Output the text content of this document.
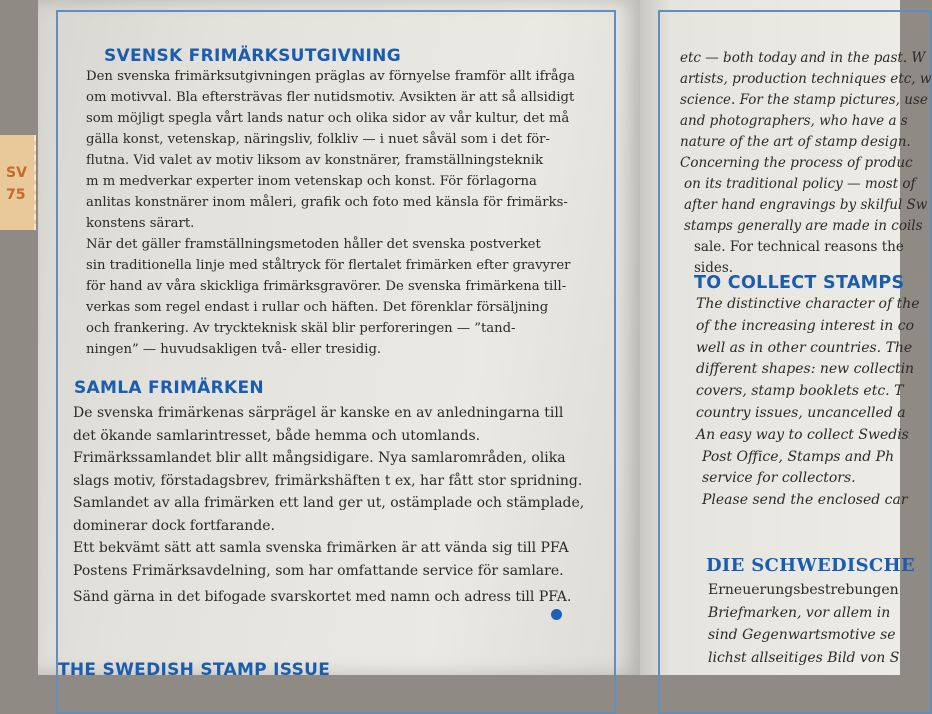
SV
75
SVENSK FRIMÄRKSUTGIVNING
Den svenska frimärksutgivningen präglas av förnyelse framför allt ifråga
om motivval. Bla eftersträvas fler nutidsmotiv. Avsikten är att så allsidigt
som möjligt spegla vårt lands natur och olika sidor av vår kultur, det må
gälla konst, vetenskap, näringsliv, folkliv — i nuet såväl som i det för-
flutna. Vid valet av motiv liksom av konstnärer, framställningsteknik
m m medverkar experter inom vetenskap och konst. För förlagorna
anlitas konstnärer inom måleri, grafik och foto med känsla för frimärks-
konstens särart.
När det gäller framställningsmetoden håller det svenska postverket
sin traditionella linje med ståltryck för flertalet frimärken efter gravyrer
för hand av våra skickliga frimärksgravörer. De svenska frimärkena till-
verkas som regel endast i rullar och häften. Det förenklar försäljning
och frankering. Av tryckteknisk skäl blir perforeringen — ”tand-
ningen” — huvudsakligen två- eller tresidig.
SAMLA FRIMÄRKEN
De svenska frimärkenas särprägel är kanske en av anledningarna till
det ökande samlarintresset, både hemma och utomlands.
Frimärkssamlandet blir allt mångsidigare. Nya samlarområden, olika
slags motiv, förstadagsbrev, frimärkshäften t ex, har fått stor spridning.
Samlandet av alla frimärken ett land ger ut, ostämplade och stämplade,
dominerar dock fortfarande.
Ett bekvämt sätt att samla svenska frimärken är att vända sig till PFA
Postens Frimärksavdelning, som har omfattande service för samlare.
Sänd gärna in det bifogade svarskortet med namn och adress till PFA.
THE SWEDISH STAMP ISSUE
etc — both today and in the past. W
artists, production techniques etc, w
science. For the stamp pictures, use
and photographers, who have a s
nature of the art of stamp design.
Concerning the process of produc
on its traditional policy — most of
after hand engravings by skilful Sw
stamps generally are made in coils
sale. For technical reasons the
sides.
TO COLLECT STAMPS
The distinctive character of the
of the increasing interest in co
well as in other countries. The
different shapes: new collectin
covers, stamp booklets etc. T
country issues, uncancelled a
An easy way to collect Swedis
Post Office, Stamps and Ph
service for collectors.
Please send the enclosed car
DIE SCHWEDISCHE
Erneuerungsbestrebungen
Briefmarken, vor allem in
sind Gegenwartsmotive se
lichst allseitiges Bild von S
